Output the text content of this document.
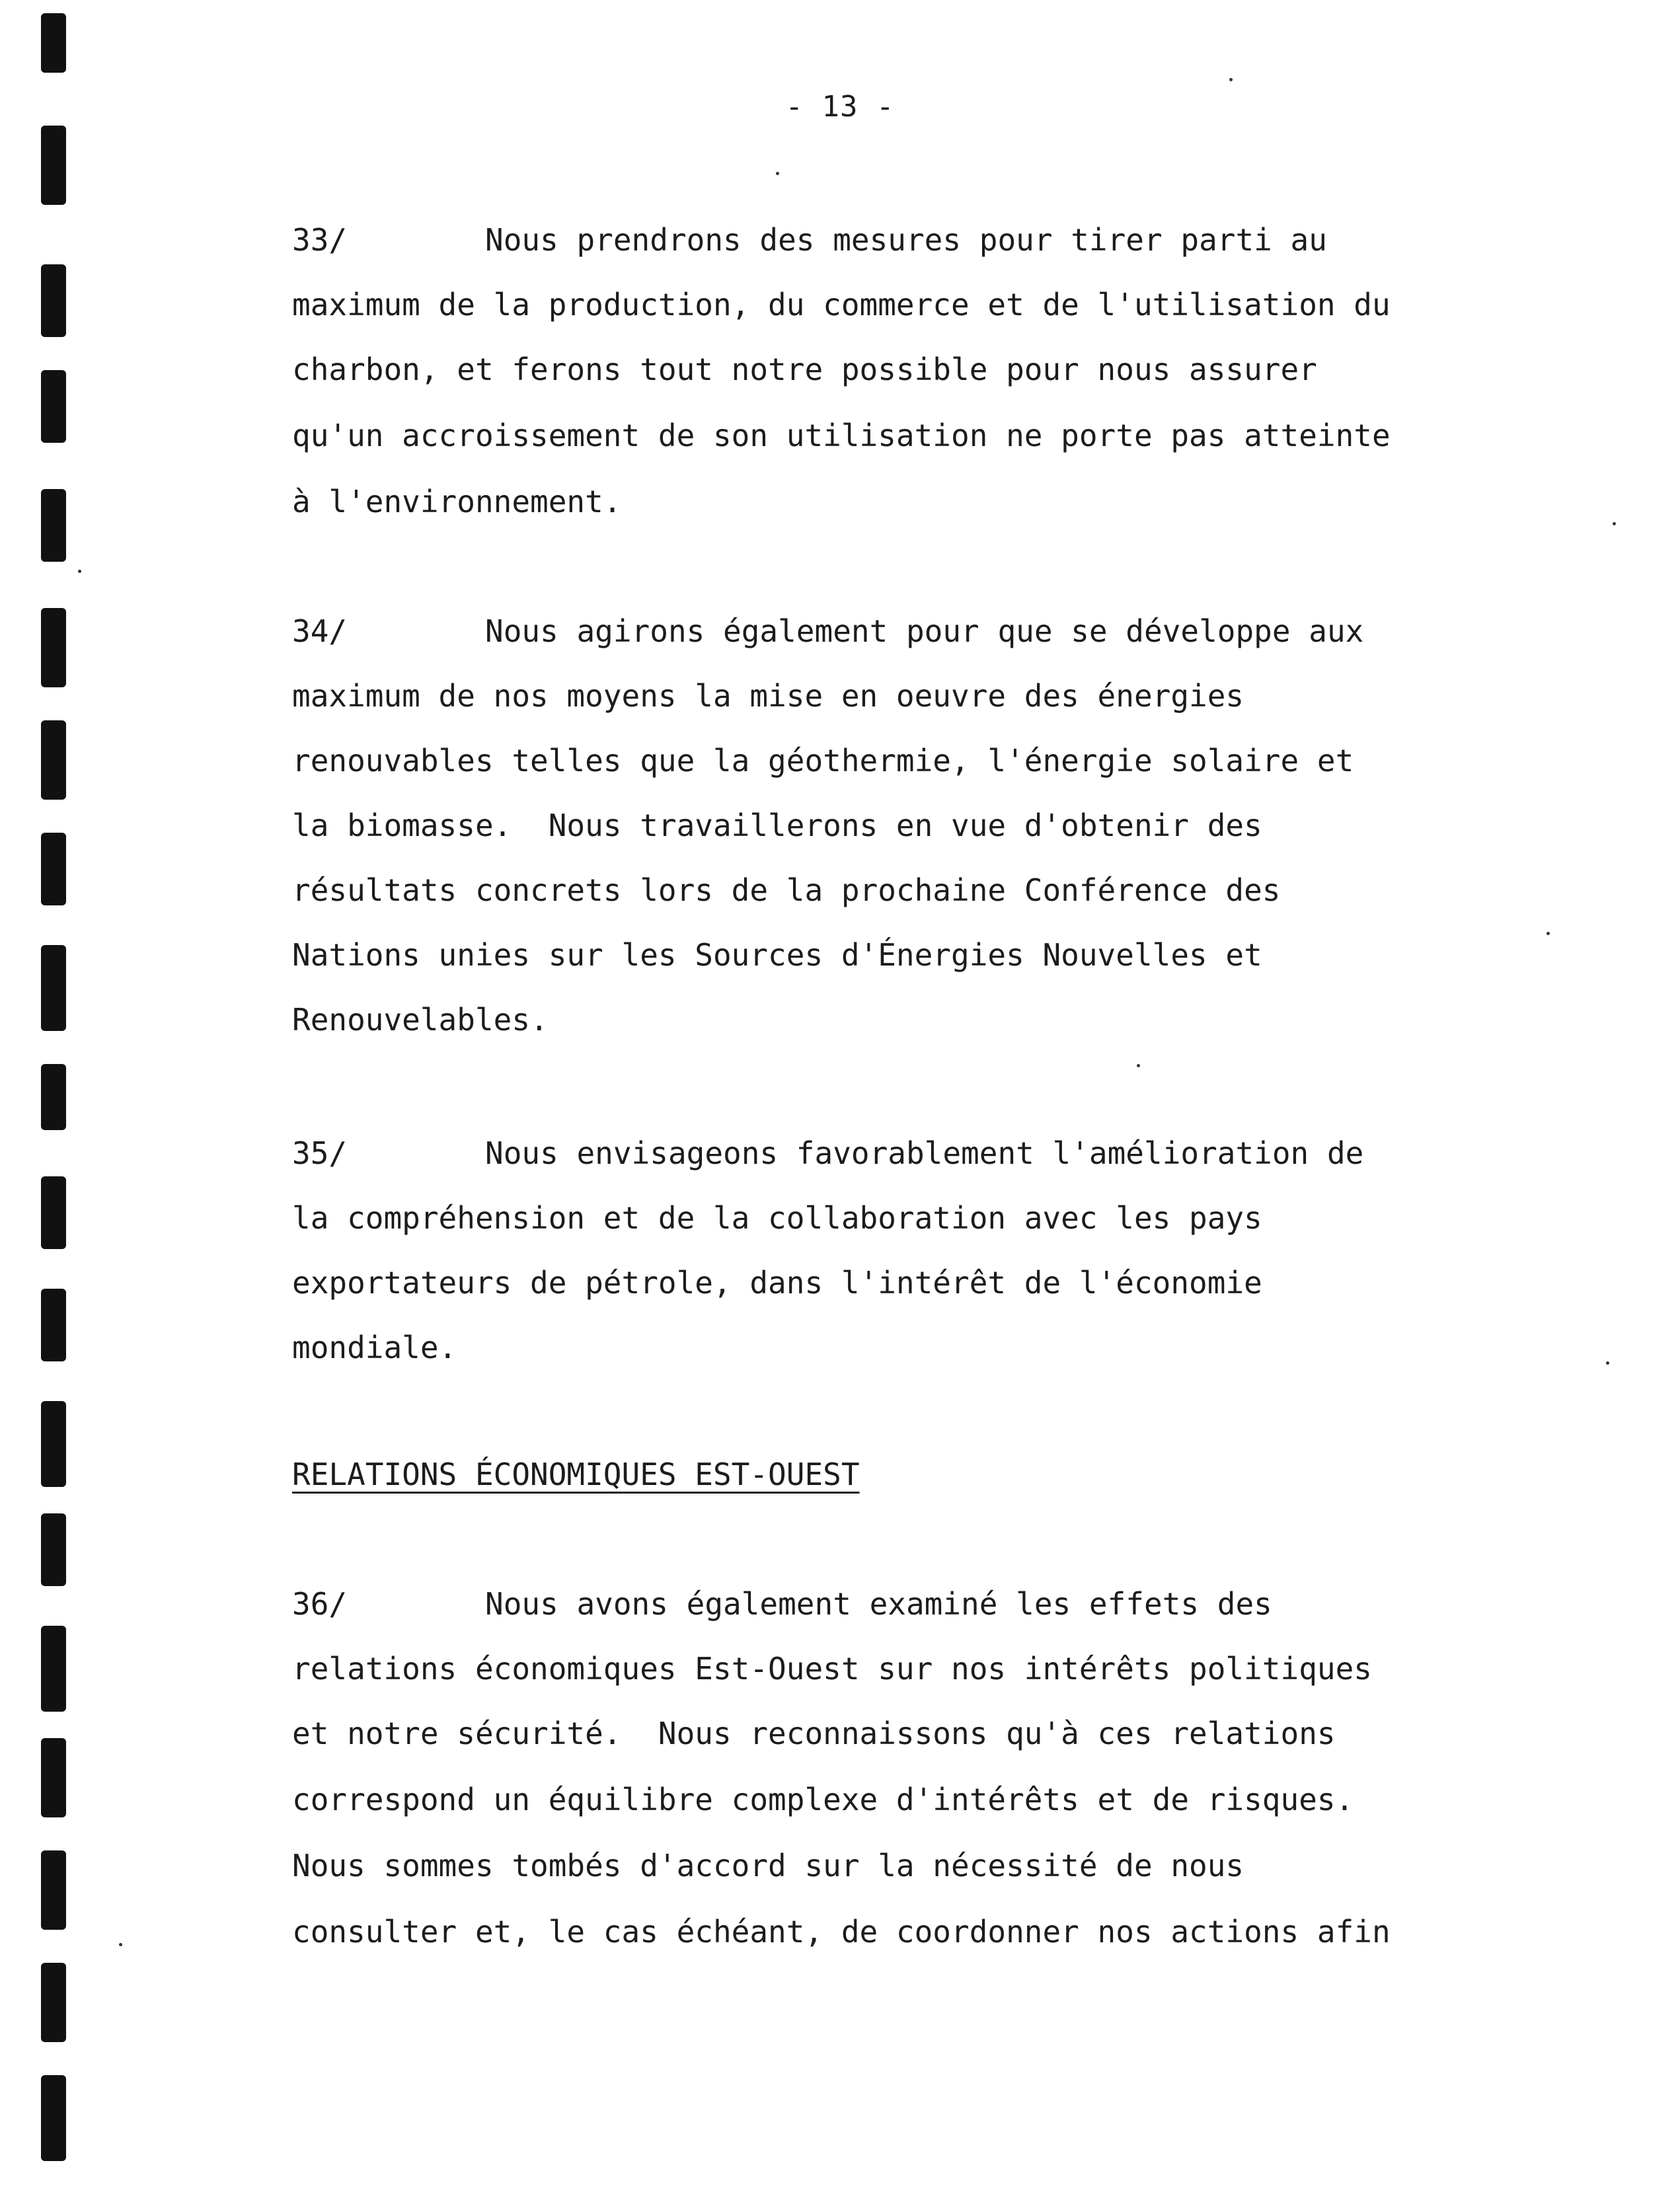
- 13 -
33/	Nous prendrons des mesures pour tirer parti au
maximum de la production, du commerce et de l'utilisation du
charbon, et ferons tout notre possible pour nous assurer
qu'un accroissement de son utilisation ne porte pas atteinte
à l'environnement.
34/	Nous agirons également pour que se développe aux
maximum de nos moyens la mise en oeuvre des énergies
renouvables telles que la géothermie, l'énergie solaire et
la biomasse.  Nous travaillerons en vue d'obtenir des
résultats concrets lors de la prochaine Conférence des
Nations unies sur les Sources d'Énergies Nouvelles et
Renouvelables.
35/	Nous envisageons favorablement l'amélioration de
la compréhension et de la collaboration avec les pays
exportateurs de pétrole, dans l'intérêt de l'économie
mondiale.
RELATIONS ÉCONOMIQUES EST-OUEST
36/	Nous avons également examiné les effets des
relations économiques Est-Ouest sur nos intérêts politiques
et notre sécurité.  Nous reconnaissons qu'à ces relations
correspond un équilibre complexe d'intérêts et de risques.
Nous sommes tombés d'accord sur la nécessité de nous
consulter et, le cas échéant, de coordonner nos actions afin
